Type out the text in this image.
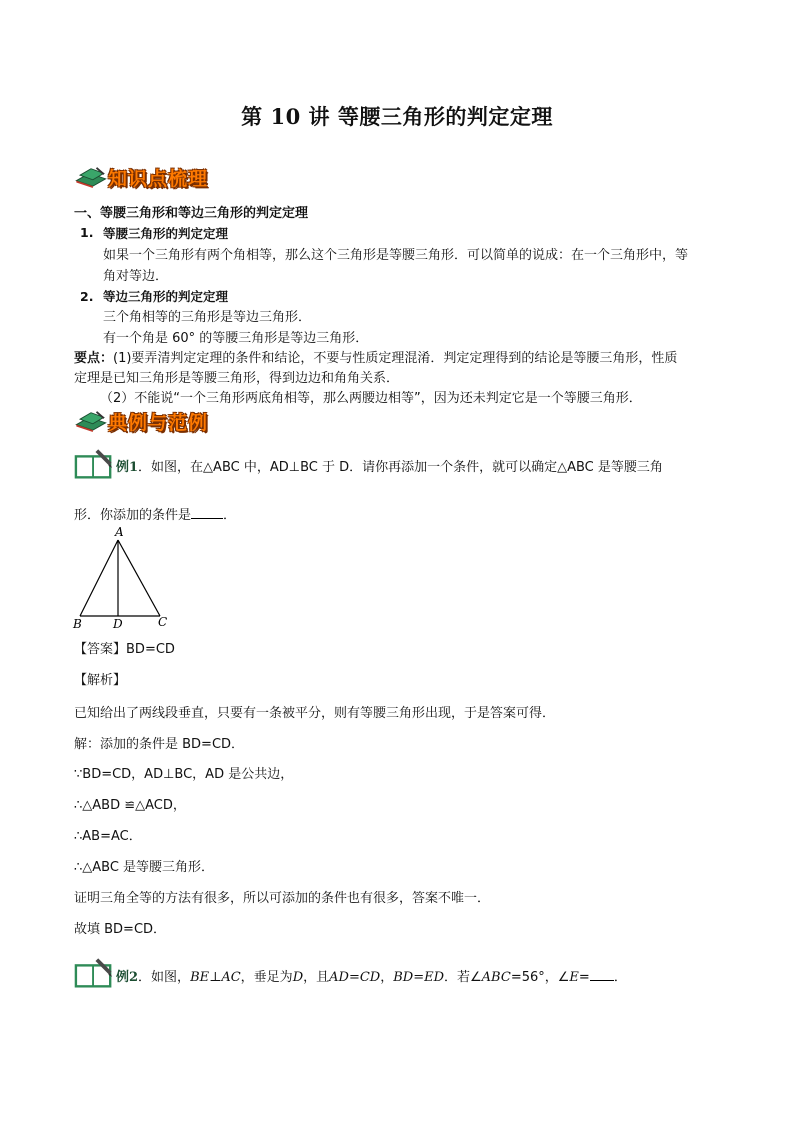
第 10 讲 等腰三角形的判定定理
知识点梳理
一、等腰三角形和等边三角形的判定定理
1. 等腰三角形的判定定理
如果一个三角形有两个角相等，那么这个三角形是等腰三角形．可以简单的说成：在一个三角形中，等
角对等边．
2. 等边三角形的判定定理
三个角相等的三角形是等边三角形．
有一个角是 60° 的等腰三角形是等边三角形．
要点：(1)要弄清判定定理的条件和结论，不要与性质定理混淆．判定定理得到的结论是等腰三角形，性质
定理是已知三角形是等腰三角形，得到边边和角角关系．
（2）不能说“一个三角形两底角相等，那么两腰边相等”，因为还未判定它是一个等腰三角形．
典例与范例
例1．如图，在△ABC 中，AD⊥BC 于 D．请你再添加一个条件，就可以确定△ABC 是等腰三角
形．你添加的条件是 ．
A
B	D	C
【答案】BD=CD
【解析】
已知给出了两线段垂直，只要有一条被平分，则有等腰三角形出现，于是答案可得．
解：添加的条件是 BD=CD．
∵BD=CD，AD⊥BC，AD 是公共边，
∴△ABD ≌△ACD，
∴AB=AC．
∴△ABC 是等腰三角形．
证明三角全等的方法有很多，所以可添加的条件也有很多，答案不唯一．
故填 BD=CD．
例2．如图，BE⊥AC，垂足为D，且AD=CD，BD=ED．若∠ABC=56°，∠E= ．
